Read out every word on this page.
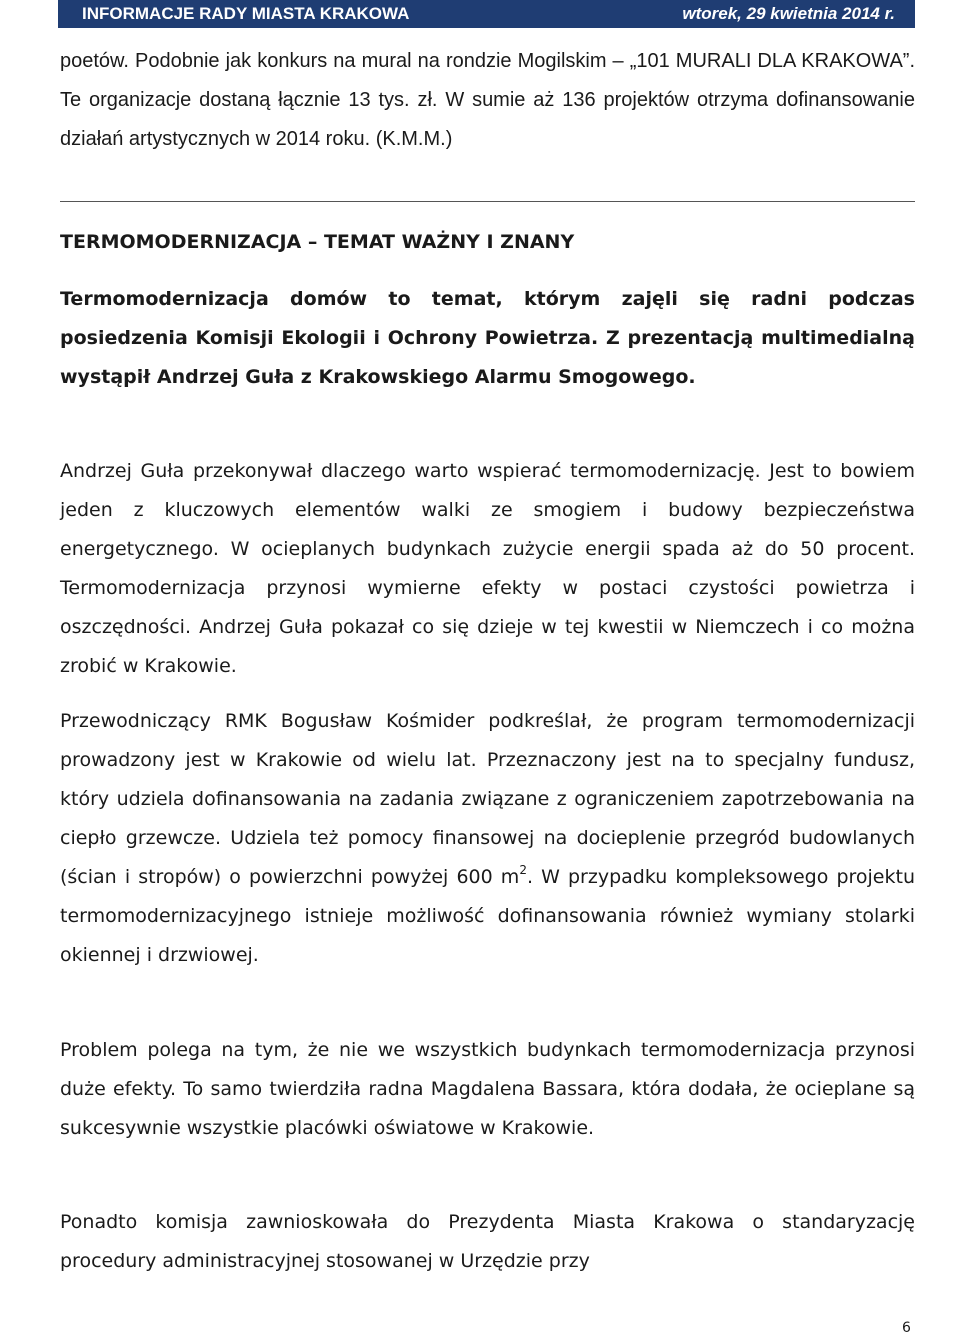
INFORMACJE RADY MIASTA KRAKOWA	wtorek, 29 kwietnia 2014 r.
poetów. Podobnie jak konkurs na mural na rondzie Mogilskim – „101 MURALI DLA KRAKOWA”. Te organizacje dostaną łącznie 13 tys. zł. W sumie aż 136 projektów otrzyma dofinansowanie działań artystycznych w 2014 roku. (K.M.M.)
TERMOMODERNIZACJA – TEMAT WAŻNY I ZNANY
Termomodernizacja domów to temat, którym zajęli się radni podczas posiedzenia Komisji Ekologii i Ochrony Powietrza. Z prezentacją multimedialną wystąpił Andrzej Guła z Krakowskiego Alarmu Smogowego.
Andrzej Guła przekonywał dlaczego warto wspierać termomodernizację. Jest to bowiem jeden z kluczowych elementów walki ze smogiem i budowy bezpieczeństwa energetycznego. W ocieplanych budynkach zużycie energii spada aż do 50 procent. Termomodernizacja przynosi wymierne efekty w postaci czystości powietrza i oszczędności. Andrzej Guła pokazał co się dzieje w tej kwestii w Niemczech i co można zrobić w Krakowie.
Przewodniczący RMK Bogusław Kośmider podkreślał, że program termomodernizacji prowadzony jest w Krakowie od wielu lat. Przeznaczony jest na to specjalny fundusz, który udziela dofinansowania na zadania związane z ograniczeniem zapotrzebowania na ciepło grzewcze. Udziela też pomocy finansowej na docieplenie przegród budowlanych (ścian i stropów) o powierzchni powyżej 600 $m^2$. W przypadku kompleksowego projektu termomodernizacyjnego istnieje możliwość dofinansowania również wymiany stolarki okiennej i drzwiowej.
Problem polega na tym, że nie we wszystkich budynkach termomodernizacja przynosi duże efekty. To samo twierdziła radna Magdalena Bassara, która dodała, że ocieplane są sukcesywnie wszystkie placówki oświatowe w Krakowie.
Ponadto komisja zawnioskowała do Prezydenta Miasta Krakowa o standaryzację procedury administracyjnej stosowanej w Urzędzie przy
6
